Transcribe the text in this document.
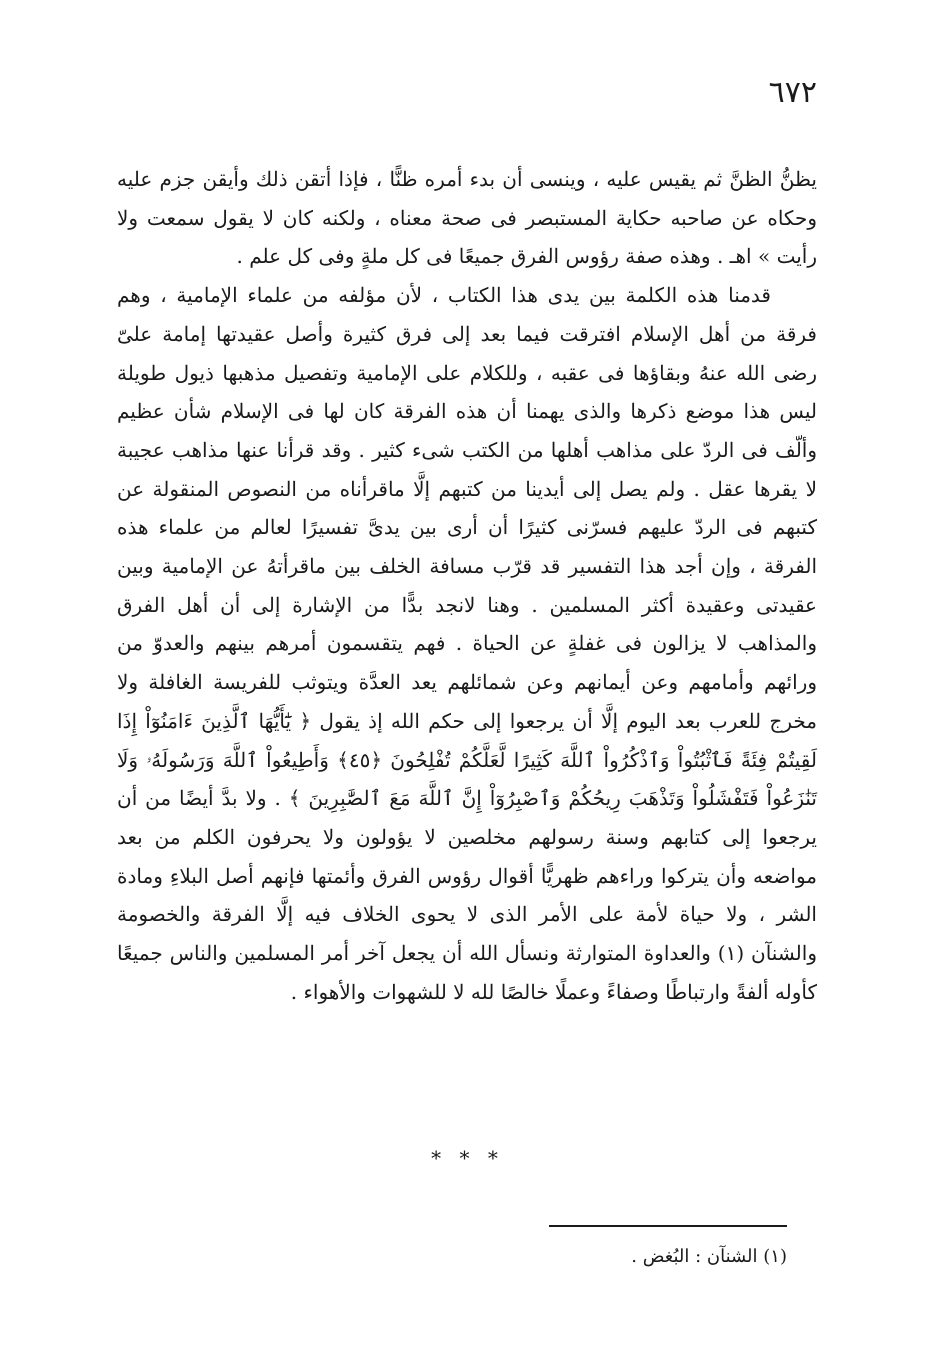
٦٧٢

يظنُّ الظنَّ ثم يقيس عليه ، وينسى أن بدء أمره ظنًّا ، فإذا أتقن ذلك وأيقن جزم عليه وحكاه عن صاحبه حكاية المستبصر فى صحة معناه ، ولكنه كان لا يقول سمعت ولا رأيت » اهـ . وهذه صفة رؤوس الفرق جميعًا فى كل ملةٍ وفى كل علم .

قدمنا هذه الكلمة بين يدى هذا الكتاب ، لأن مؤلفه من علماء الإمامية ، وهم فرقة من أهل الإسلام افترقت فيما بعد إلى فرق كثيرة وأصل عقيدتها إمامة علىّ رضى الله عنهُ وبقاؤها فى عقبه ، وللكلام على الإمامية وتفصيل مذهبها ذيول طويلة ليس هذا موضع ذكرها والذى يهمنا أن هذه الفرقة كان لها فى الإسلام شأن عظيم وألّف فى الردّ على مذاهب أهلها من الكتب شىء كثير . وقد قرأنا عنها مذاهب عجيبة لا يقرها عقل . ولم يصل إلى أيدينا من كتبهم إلَّا ماقرأناه من النصوص المنقولة عن كتبهم فى الردّ عليهم فسرّنى كثيرًا أن أرى بين يدىَّ تفسيرًا لعالم من علماء هذه الفرقة ، وإن أجد هذا التفسير قد قرّب مسافة الخلف بين ماقرأتهُ عن الإمامية وبين عقيدتى وعقيدة أكثر المسلمين . وهنا لانجد بدًّا من الإشارة إلى أن أهل الفرق والمذاهب لا يزالون فى غفلةٍ عن الحياة . فهم يتقسمون أمرهم بينهم والعدوّ من ورائهم وأمامهم وعن أيمانهم وعن شمائلهم يعد العدَّة ويتوثب للفريسة الغافلة ولا مخرج للعرب بعد اليوم إلَّا أن يرجعوا إلى حكم الله إذ يقول ﴿ يَٰٓأَيُّهَا ٱلَّذِينَ ءَامَنُوٓاْ إِذَا لَقِيتُمْ فِئَةً فَٱثْبُتُواْ وَٱذْكُرُواْ ٱللَّهَ كَثِيرًا لَّعَلَّكُمْ تُفْلِحُونَ ﴿٤٥﴾ وَأَطِيعُواْ ٱللَّهَ وَرَسُولَهُۥ وَلَا تَنَٰزَعُواْ فَتَفْشَلُواْ وَتَذْهَبَ رِيحُكُمْ وَٱصْبِرُوٓاْ إِنَّ ٱللَّهَ مَعَ ٱلصَّٰبِرِينَ ﴾ . ولا بدَّ أيضًا من أن يرجعوا إلى كتابهم وسنة رسولهم مخلصين لا يؤولون ولا يحرفون الكلم من بعد مواضعه وأن يتركوا وراءهم ظهريًّا أقوال رؤوس الفرق وأئمتها فإنهم أصل البلاءِ ومادة الشر ، ولا حياة لأمة على الأمر الذى لا يحوى الخلاف فيه إلَّا الفرقة والخصومة والشنآن (١) والعداوة المتوارثة ونسأل الله أن يجعل آخر أمر المسلمين والناس جميعًا كأوله ألفةً وارتباطًا وصفاءً وعملًا خالصًا لله لا للشهوات والأهواء .

* * *
(١) الشنآن : البُغض .
